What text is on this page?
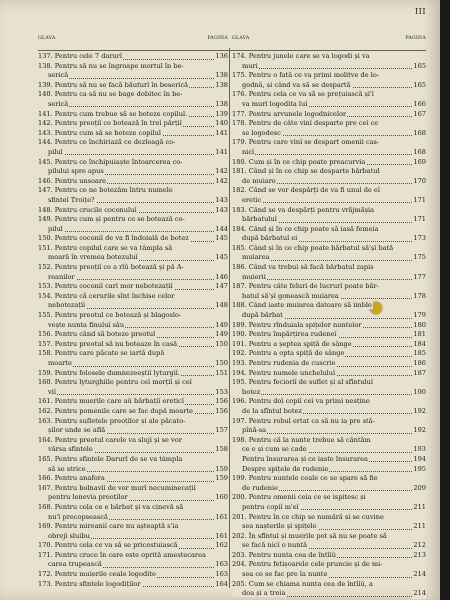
III
GLAVA	PAGINA
137. Pentru cele 7 darurĭ	136
138. Pentru să nu se îngroape mortul în be-
serică	138
139. Pentru să nu se facă băuturĭ în beserică	138
140. Pentru ca să nu se bage dobitoc în be-
serică	138
141. Pentru cum trebue să se boteze copilul.	139
142. Pentru preoțiĭ ce botează în treĭ pǎrțiĭ	140
143. Pentru cum să se boteze copilul	141
144. Pentru ce închiriază ce dezleagă co-
pilul	141
145. Pentru ce închipuiaște întoarcerea co-
pilului spre apus	142
146. Pentru unsoare	142
147. Pentru ce ne botezăm întru numele
sfinteĭ Troițe?	143
148. Pentru crucile coconuluĭ	143
149. Pentru cum și pentru ce se botează co-
pilul	144
150. Pentru coconiĭ de va fi îndoială de botez	145
151. Pentru copilul care se va tâmpla să
moară în vremea botezuluĭ	145
152. Pentru preoțiĭ ce a rîŭ botează și pă A-
reanilor	146
153. Pentru coconiĭ carĭ mor nebotezațiĭ	147
154. Pentru că cerurile sînt închise celor
nebotezațiĭ	148
155. Pentru preotul ce botează și blagoslo-
vește nunta finuluĭ său	149
156. Pentru când să boteze preotul	149
157. Pentru preotul să nu boteaze în casă	150
158. Pentru care păcate se iartă după
moarte	150
159. Pentru folosele dumnezeeștiĭ lyturgiĭ.	151
160. Pentru lyturghiile pentru ceĭ morțiĭ și ceĭ
viĭ	153
161. Pentru muerile care aŭ bărbațiĭ ereticĭ	156
162. Pentru pomenile care se fac după moarte	156
163. Pentru sufletele preoților și ale păcato-
șilor unde se află	157
164. Pentru preotul carele va sluji și se vor
vărsa sfintele	158
165. Pentru sfintele Darurĭ de se va tâmpla
să se strice	159
166. Pentru anafora	159
167. Pentru bolnaviĭ de vor murĭ necuminecațiĭ
pentru lenevia preoților	160
168. Pentru cela ce e bărbat și va cinevă să
nu'ĭ precopsească	161
169. Pentru mireaniĭ care nu așteaptă s'ia
obrejĭ sluibu	161
170. Pentru cela ce va să se pricestuiască	162
171. Pentru cruce în care este oprită amestecarea
carea trupească	163
172. Pentru muierile ceale logodite	163
173. Pentru sfintele logodițiĭor	164
GLAVA	PAGINA
174. Pentru junele care se va logodi și va
muri	165
175. Pentru o fată ce va primi molitve de lo-
godnă, și când va să se despartă	165
176. Pentru cela ce va să se prețuiască și'ĭ
va murĭ logodita luĭ	166
177. Pentru arvunele logodnicelor	167
178. Pentru de câte vinĭ desparte pre ceĭ ce
se logodesc	168
179. Pentru care vinĭ se despart omenii cas-
nicĭ	168
180. Cum și în ce chip poate preacurvia	169
181. Când și în ce chip se desparte bărbatul
de muiare	170
182. Când se vor despărți de va fi unul de eĭ
eretic	171
183. Când se va despărți pentru vrăjmășia
bărbatuluĭ	171
184. Când și în ce chip poate să iasă femeia
după bărbatul ei	173
185. Când și în ce chip poate bărbatul să'șĭ bată
muiarea	175
186. Când va trebui să facă bărbatul zapis
muierii	177
187. Pentru câte feluri de lucrurĭ poate băr-
batul să'șĭ gonească muiarea	178
188. Când iaste muiarea datoare să imble
după bărbat	179
189. Pentru rînduiala spițelor nunteĭor	180
190. Pentru împărțirea rudeneĭ	181
191. Pentru a șeptea spiță de sânge	184
192. Pentru a opta spiță de sânge	185
193. Pentru rudenia de cuscrie	186
194. Pentru numele uncheluluĭ	187
195. Pentru fecioriĭ de suflet și al sfîntuluĭ
botez	190
196. Pentru doĭ copiĭ ceĭ va primi nesține
de la sfîntul botez	192
197. Pentru robul ertat ca să nu ia pre stă-
pînă-sa	192
198. Pentru că la nunte trebue să cântăm
ce e și cum se cade	193
Pentru însurarea și ce iaste însurarea	194
Despre spițele de rudenie	195
199. Pentru nuntele ceale ce se spare să fie
de rudenie	209
200. Pentru omenii ceia ce se ispitesc și
pentru copiĭ m'eĭ	211
201. Pentru în ce chip se numără și se cuvine
sea nașterile și spițele	211
202. În sfîntul și muerile pot să nu se poate să
se facă nicĭ o nuntă	212
203. Pentru nunta cea de întîiŭ	213
204. Pentru fetișoarele cele pruncie și de mi-
sea ce se fac pre la nunte	214
205. Cum se chiama nunta cea de întîiŭ, a
doa și a treia	214
